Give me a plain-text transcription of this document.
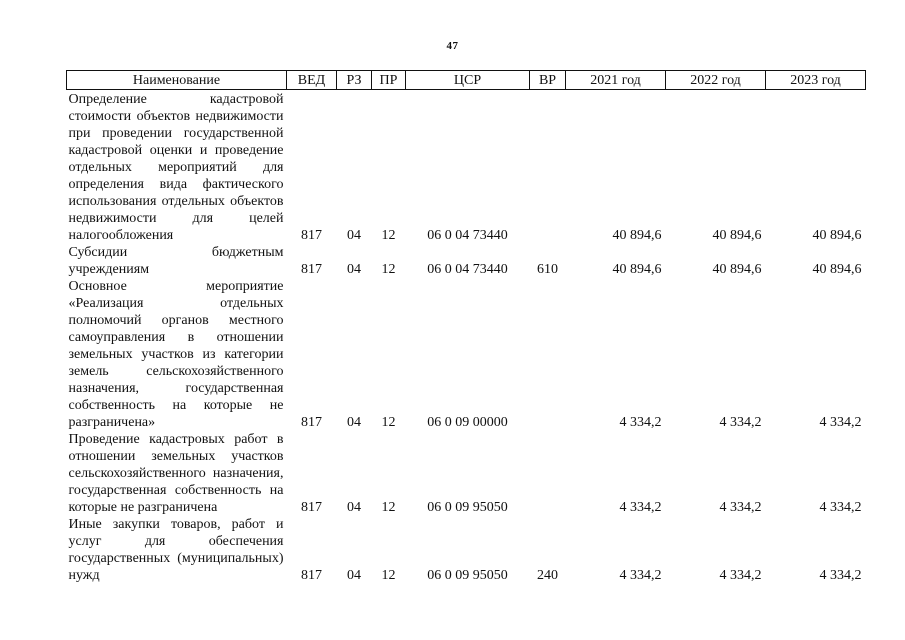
47
Наименование	ВЕД	РЗ	ПР	ЦСР	ВР	2021 год	2022 год	2023 год
Определение кадастровой стоимости объектов недвижимости при проведении государственной кадастровой оценки и проведение отдельных мероприятий для определения вида фактического использования отдельных объектов недвижимости для целей налогообложения	817	04	12	06 0 04 73440		40 894,6	40 894,6	40 894,6
Субсидии бюджетным учреждениям	817	04	12	06 0 04 73440	610	40 894,6	40 894,6	40 894,6
Основное мероприятие «Реализация отдельных полномочий органов местного самоуправления в отношении земельных участков из категории земель сельскохозяйственного назначения, государственная собственность на которые не разграничена»	817	04	12	06 0 09 00000		4 334,2	4 334,2	4 334,2
Проведение кадастровых работ в отношении земельных участков сельскохозяйственного назначения, государственная собственность на которые не разграничена	817	04	12	06 0 09 95050		4 334,2	4 334,2	4 334,2
Иные закупки товаров, работ и услуг для обеспечения государственных (муниципальных) нужд	817	04	12	06 0 09 95050	240	4 334,2	4 334,2	4 334,2
